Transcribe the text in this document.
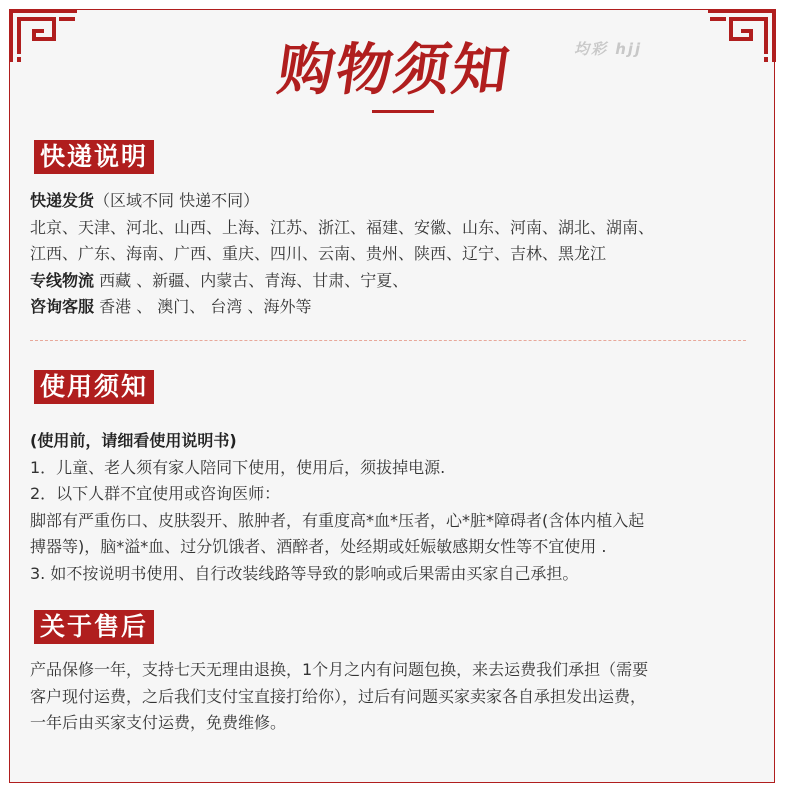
购物须知	均彩 hjj
快递说明

快递发货（区域不同 快递不同）

北京、天津、河北、山西、上海、江苏、浙江、福建、安徽、山东、河南、湖北、湖南、

江西、广东、海南、广西、重庆、四川、云南、贵州、陕西、辽宁、吉林、黑龙江

专线物流 西藏 、新疆、内蒙古、青海、甘肃、宁夏、

咨询客服 香港 、 澳门、 台湾 、海外等

使用须知

(使用前，请细看使用说明书)

1．儿童、老人须有家人陪同下使用，使用后，须拔掉电源.

2．以下人群不宜使用或咨询医师：

脚部有严重伤口、皮肤裂开、脓肿者，有重度高*血*压者，心*脏*障碍者(含体内植入起

搏器等)，脑*溢*血、过分饥饿者、酒醉者，处经期或妊娠敏感期女性等不宜使用 .

3. 如不按说明书使用、自行改装线路等导致的影响或后果需由买家自己承担。

关于售后

产品保修一年，支持七天无理由退换，1个月之内有问题包换，来去运费我们承担（需要

客户现付运费，之后我们支付宝直接打给你），过后有问题买家卖家各自承担发出运费，

一年后由买家支付运费，免费维修。
